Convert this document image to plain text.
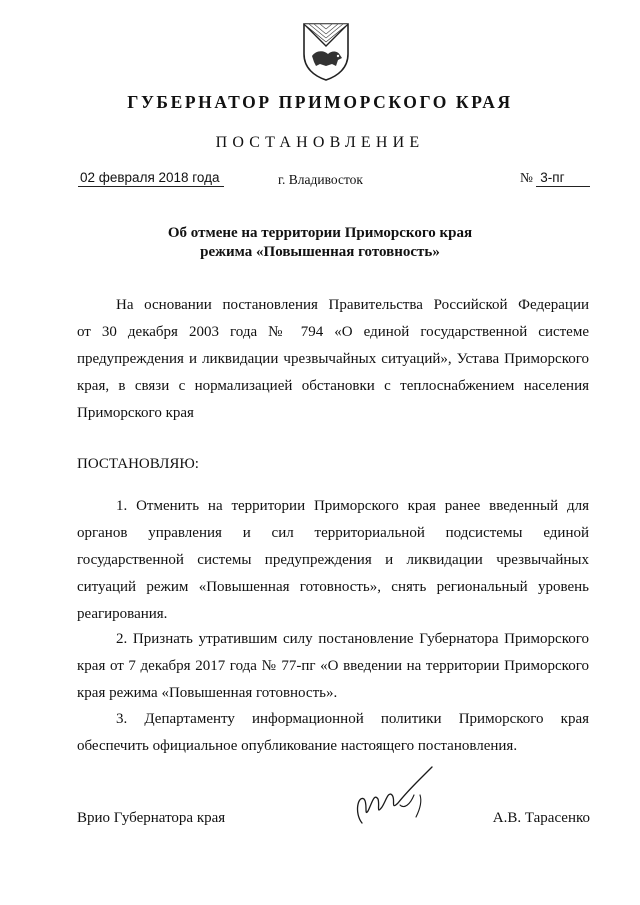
ГУБЕРНАТОР ПРИМОРСКОГО КРАЯ
ПОСТАНОВЛЕНИЕ
02 февраля 2018 года	г. Владивосток	№ 3-пг
Об отмене на территории Приморского края
режима «Повышенная готовность»
На основании постановления Правительства Российской Федерации
от 30 декабря 2003 года № 794 «О единой государственной системе
предупреждения и ликвидации чрезвычайных ситуаций», Устава Приморского
края, в связи с нормализацией обстановки с теплоснабжением населения
Приморского края
ПОСТАНОВЛЯЮ:
1. Отменить на территории Приморского края ранее введенный для
органов управления и сил территориальной подсистемы единой
государственной системы предупреждения и ликвидации чрезвычайных
ситуаций режим «Повышенная готовность», снять региональный уровень
реагирования.
2. Признать утратившим силу постановление Губернатора Приморского
края от 7 декабря 2017 года № 77-пг «О введении на территории Приморского
края режима «Повышенная готовность».
3. Департаменту информационной политики Приморского края
обеспечить официальное опубликование настоящего постановления.
Врио Губернатора края	А.В. Тарасенко
